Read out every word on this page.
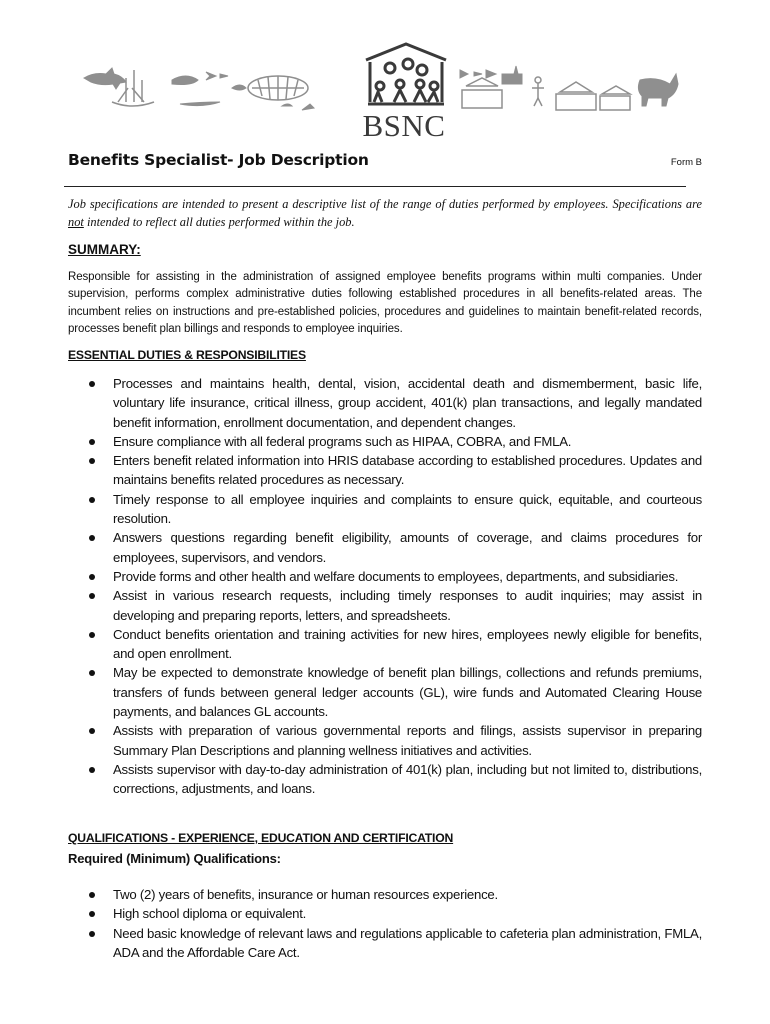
BSNC
Benefits Specialist- Job Description	Form B
Job specifications are intended to present a descriptive list of the range of duties performed by employees. Specifications are not intended to reflect all duties performed within the job.
SUMMARY:
Responsible for assisting in the administration of assigned employee benefits programs within multi companies. Under supervision, performs complex administrative duties following established procedures in all benefits-related areas. The incumbent relies on instructions and pre-established policies, procedures and guidelines to maintain benefit-related records, processes benefit plan billings and responds to employee inquiries.
ESSENTIAL DUTIES & RESPONSIBILITIES
Processes and maintains health, dental, vision, accidental death and dismemberment, basic life, voluntary life insurance, critical illness, group accident, 401(k) plan transactions, and legally mandated benefit information, enrollment documentation, and dependent changes.
Ensure compliance with all federal programs such as HIPAA, COBRA, and FMLA.
Enters benefit related information into HRIS database according to established procedures. Updates and maintains benefits related procedures as necessary.
Timely response to all employee inquiries and complaints to ensure quick, equitable, and courteous resolution.
Answers questions regarding benefit eligibility, amounts of coverage, and claims procedures for employees, supervisors, and vendors.
Provide forms and other health and welfare documents to employees, departments, and subsidiaries.
Assist in various research requests, including timely responses to audit inquiries; may assist in developing and preparing reports, letters, and spreadsheets.
Conduct benefits orientation and training activities for new hires, employees newly eligible for benefits, and open enrollment.
May be expected to demonstrate knowledge of benefit plan billings, collections and refunds premiums, transfers of funds between general ledger accounts (GL), wire funds and Automated Clearing House payments, and balances GL accounts.
Assists with preparation of various governmental reports and filings, assists supervisor in preparing Summary Plan Descriptions and planning wellness initiatives and activities.
Assists supervisor with day-to-day administration of 401(k) plan, including but not limited to, distributions, corrections, adjustments, and loans.
QUALIFICATIONS - EXPERIENCE, EDUCATION AND CERTIFICATION
Required (Minimum) Qualifications:
Two (2) years of benefits, insurance or human resources experience.
High school diploma or equivalent.
Need basic knowledge of relevant laws and regulations applicable to cafeteria plan administration, FMLA, ADA and the Affordable Care Act.
